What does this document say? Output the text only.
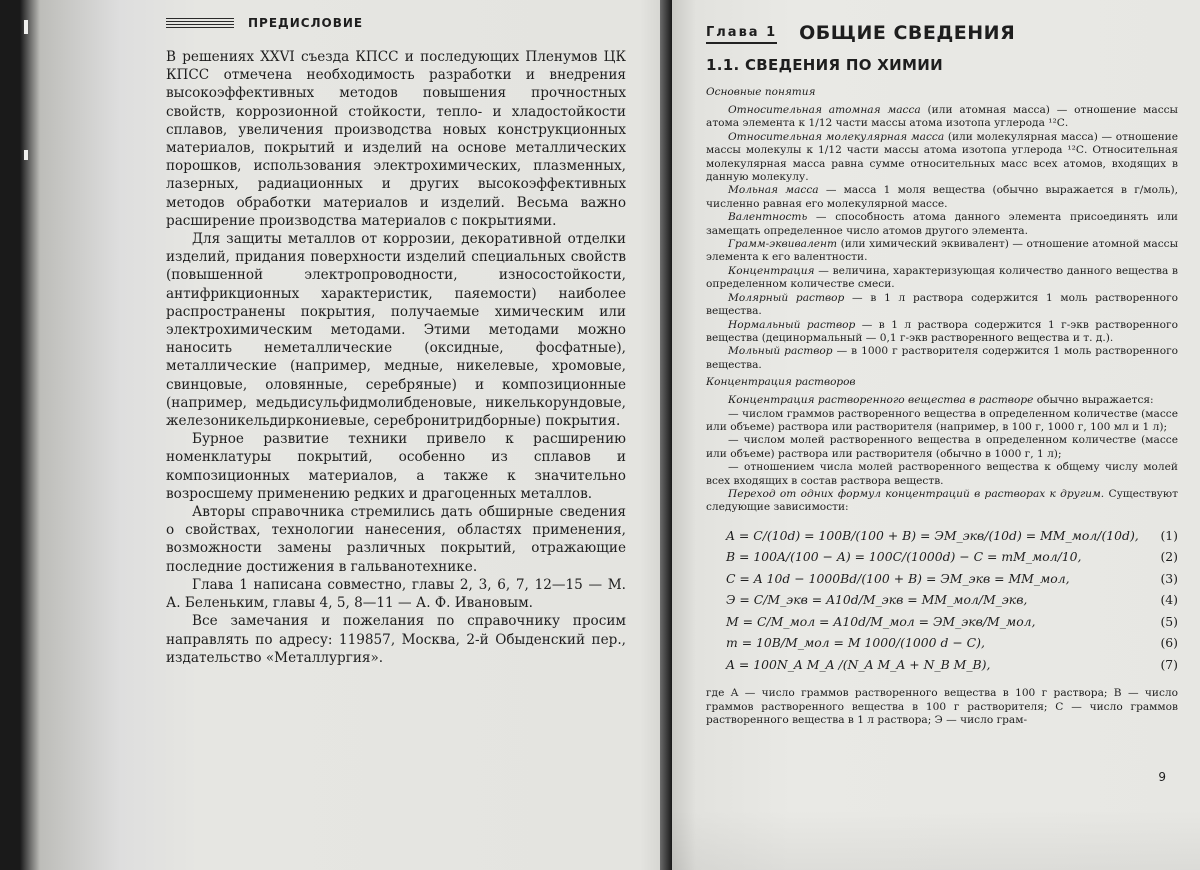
ПРЕДИСЛОВИЕ

В решениях XXVI съезда КПСС и последующих Пленумов ЦК КПСС отмечена необходимость разработки и внедрения высокоэффективных методов повышения прочностных свойств, коррозионной стойкости, тепло- и хладостойкости сплавов, увеличения производства новых конструкционных материалов, покрытий и изделий на основе металлических порошков, использования электрохимических, плазменных, лазерных, радиационных и других высокоэффективных методов обработки материалов и изделий. Весьма важно расширение производства материалов с покрытиями.

Для защиты металлов от коррозии, декоративной отделки изделий, придания поверхности изделий специальных свойств (повышенной электропроводности, износостойкости, антифрикционных характеристик, паяемости) наиболее распространены покрытия, получаемые химическим или электрохимическим методами. Этими методами можно наносить неметаллические (оксидные, фосфатные), металлические (например, медные, никелевые, хромовые, свинцовые, оловянные, серебряные) и композиционные (например, медьдисульфидмолибденовые, никелькорундовые, железоникельдиркониевые, серебронитридборные) покрытия.

Бурное развитие техники привело к расширению номенклатуры покрытий, особенно из сплавов и композиционных материалов, а также к значительно возросшему применению редких и драгоценных металлов.

Авторы справочника стремились дать обширные сведения о свойствах, технологии нанесения, областях применения, возможности замены различных покрытий, отражающие последние достижения в гальванотехнике.

Глава 1 написана совместно, главы 2, 3, 6, 7, 12—15 — М. А. Беленьким, главы 4, 5, 8—11 — А. Ф. Ивановым.

Все замечания и пожелания по справочнику просим направлять по адресу: 119857, Москва, 2-й Обыденский пер., издательство «Металлургия».

Глава 1 ОБЩИЕ СВЕДЕНИЯ
1.1. СВЕДЕНИЯ ПО ХИМИИ
Основные понятия

Относительная атомная масса (или атомная масса) — отношение массы атома элемента к 1/12 части массы атома изотопа углерода ¹²С.

Относительная молекулярная масса (или молекулярная масса) — отношение массы молекулы к 1/12 части массы атома изотопа углерода ¹²С. Относительная молекулярная масса равна сумме относительных масс всех атомов, входящих в данную молекулу.

Мольная масса — масса 1 моля вещества (обычно выражается в г/моль), численно равная его молекулярной массе.

Валентность — способность атома данного элемента присоединять или замещать определенное число атомов другого элемента.

Грамм-эквивалент (или химический эквивалент) — отношение атомной массы элемента к его валентности.

Концентрация — величина, характеризующая количество данного вещества в определенном количестве смеси.

Молярный раствор — в 1 л раствора содержится 1 моль растворенного вещества.

Нормальный раствор — в 1 л раствора содержится 1 г-экв растворенного вещества (децинормальный — 0,1 г-экв растворенного вещества и т. д.).

Мольный раствор — в 1000 г растворителя содержится 1 моль растворенного вещества.

Концентрация растворов

Концентрация растворенного вещества в растворе обычно выражается:

— числом граммов растворенного вещества в определенном количестве (массе или объеме) раствора или растворителя (например, в 100 г, 1000 г, 100 мл и 1 л);

— числом молей растворенного вещества в определенном количестве (массе или объеме) раствора или растворителя (обычно в 1000 г, 1 л);

— отношением числа молей растворенного вещества к общему числу молей всех входящих в состав раствора веществ.

Переход от одних формул концентраций в растворах к другим. Существуют следующие зависимости:

A = C/(10d) = 100B/(100 + B) = ЭM_экв/(10d) = MM_мол/(10d), (1)
B = 100A/(100 − A) = 100C/(1000d) − C = mM_мол/10,	(2)
C = A 10d − 1000Bd/(100 + B) = ЭM_экв = MM_мол,	(3)
Э = C/M_экв = A10d/M_экв = MM_мол/M_экв,	(4)
M = C/M_мол = A10d/M_мол = ЭM_экв/M_мол,	(5)
m = 10B/M_мол = M 1000/(1000 d − C),	(6)
A = 100N_A M_A /(N_A M_A + N_B M_B),	(7)

где A — число граммов растворенного вещества в 100 г раствора; B — число граммов растворенного вещества в 100 г растворителя; C — число граммов растворенного вещества в 1 л раствора; Э — число грам-

9
